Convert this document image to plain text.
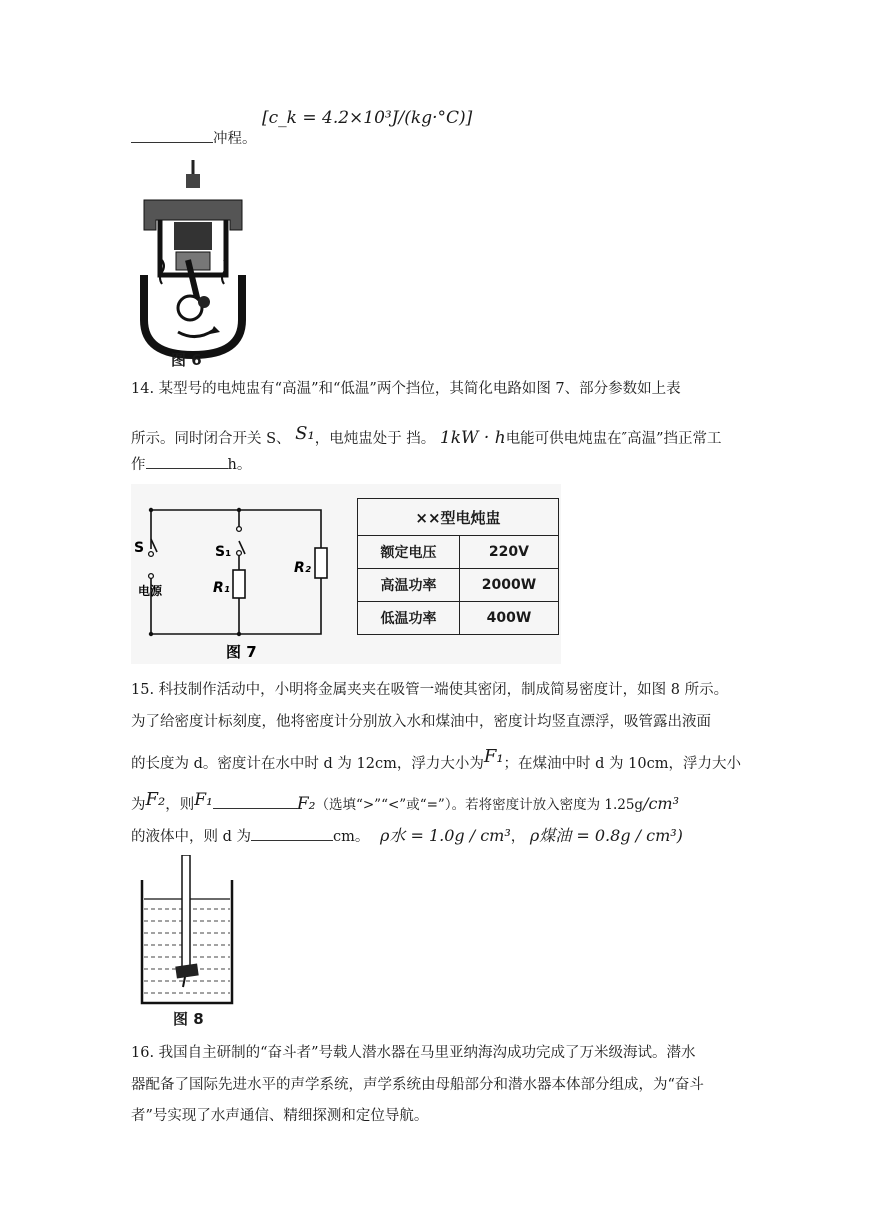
冲程。
[c_k = 4.2×10³J/(kg·°C)]
图 6
14. 某型号的电炖盅有“高温”和“低温”两个挡位，其简化电路如图 7、部分参数如上表
所示。同时闭合开关 S、 S₁，电炖盅处于 挡。 1kW · h电能可供电炖盅在″高温”挡正常工
作	h。
S	S₁
R₁
R₂
电源
图 7
××型电炖盅	
额定电压	220V
高温功率	2000W
低温功率	400W
15. 科技制作活动中，小明将金属夹夹在吸管一端使其密闭，制成简易密度计，如图 8 所示。
为了给密度计标刻度，他将密度计分别放入水和煤油中，密度计均竖直漂浮，吸管露出液面
的长度为 d。密度计在水中时 d 为 12cm，浮力大小为F₁；在煤油中时 d 为 10cm，浮力大小
为F₂，则F₁	F₂（选填“>”“<”或“=”）。若将密度计放入密度为 1.25g/cm³
的液体中，则 d 为	cm。 ρ水 = 1.0g / cm³， ρ煤油 = 0.8g / cm³)
图 8
16. 我国自主研制的“奋斗者”号载人潜水器在马里亚纳海沟成功完成了万米级海试。潜水
器配备了国际先进水平的声学系统，声学系统由母船部分和潜水器本体部分组成，为“奋斗
者”号实现了水声通信、精细探测和定位导航。
